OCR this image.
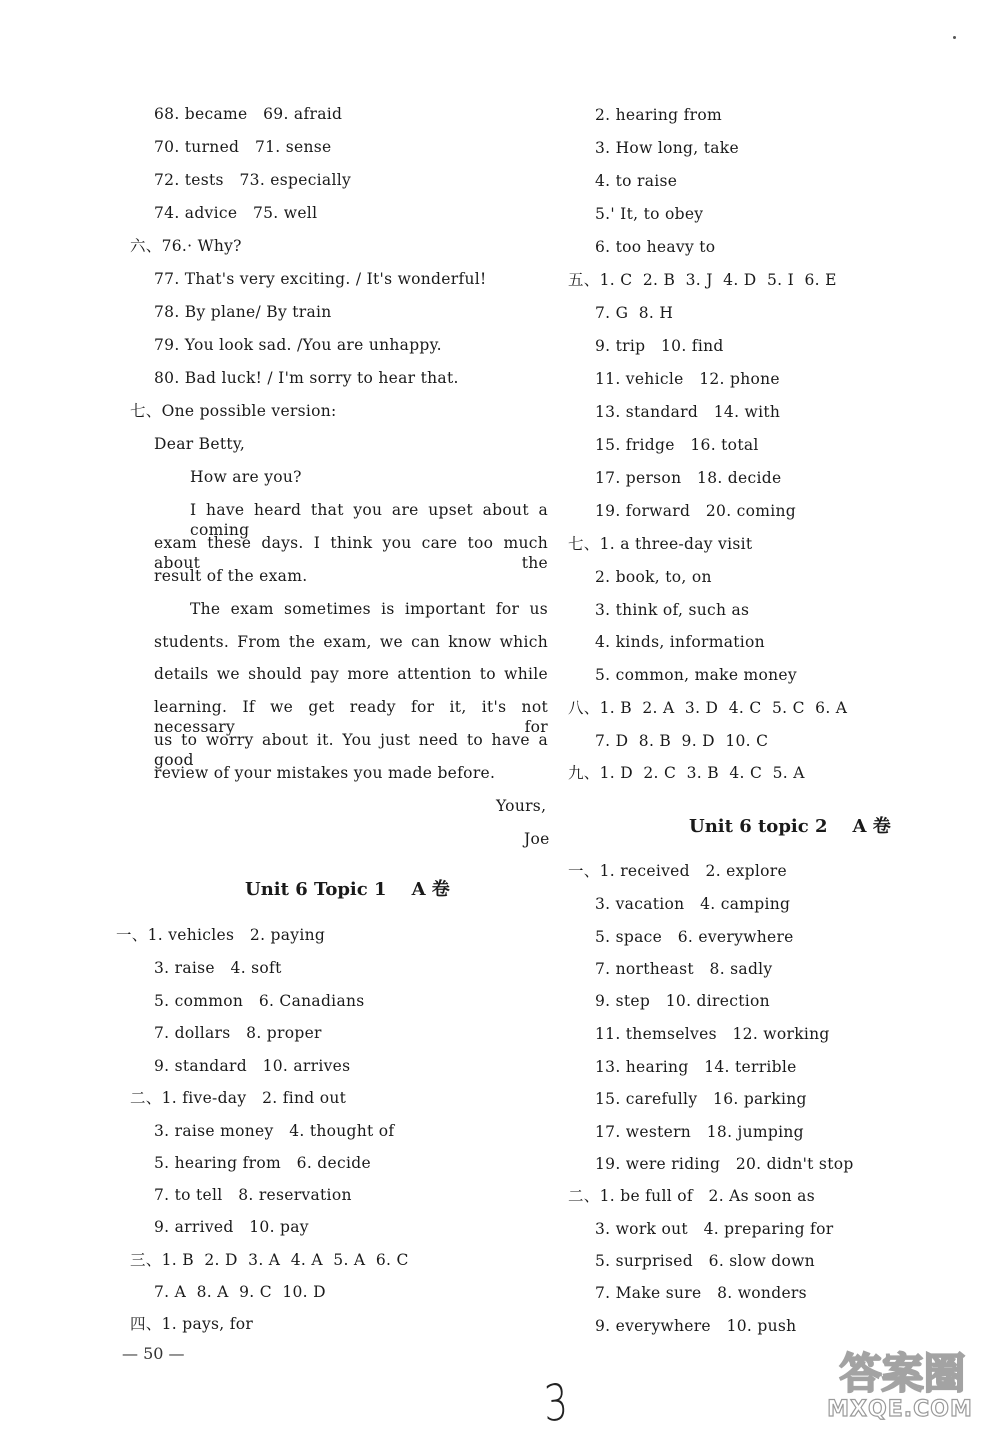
68. became   69. afraid
70. turned   71. sense
72. tests   73. especially
74. advice   75. well
六、76.· Why?
77. That's very exciting. / It's wonderful!
78. By plane/ By train
79. You look sad. /You are unhappy.
80. Bad luck! / I'm sorry to hear that.
七、One possible version:
Dear Betty,
How are you?
I have heard that you are upset about a coming
exam these days. I think you care too much about the
result of the exam.
The exam sometimes is important for us
students. From the exam, we can know which
details we should pay more attention to while
learning. If we get ready for it, it's not necessary for
us to worry about it. You just need to have a good
review of your mistakes you made before.
Yours,
Joe
Unit 6 Topic 1    A 卷
一、1. vehicles   2. paying
3. raise   4. soft
5. common   6. Canadians
7. dollars   8. proper
9. standard   10. arrives
二、1. five-day   2. find out
3. raise money   4. thought of
5. hearing from   6. decide
7. to tell   8. reservation
9. arrived   10. pay
三、1. B  2. D  3. A  4. A  5. A  6. C
7. A  8. A  9. C  10. D
四、1. pays, for
2. hearing from
3. How long, take
4. to raise
5.' It, to obey
6. too heavy to
五、1. C  2. B  3. J  4. D  5. I  6. E
7. G  8. H
9. trip   10. find
11. vehicle   12. phone
13. standard   14. with
15. fridge   16. total
17. person   18. decide
19. forward   20. coming
七、1. a three-day visit
2. book, to, on
3. think of, such as
4. kinds, information
5. common, make money
八、1. B  2. A  3. D  4. C  5. C  6. A
7. D  8. B  9. D  10. C
九、1. D  2. C  3. B  4. C  5. A
Unit 6 topic 2    A 卷
一、1. received   2. explore
3. vacation   4. camping
5. space   6. everywhere
7. northeast   8. sadly
9. step   10. direction
11. themselves   12. working
13. hearing   14. terrible
15. carefully   16. parking
17. western   18. jumping
19. were riding   20. didn't stop
二、1. be full of   2. As soon as
3. work out   4. preparing for
5. surprised   6. slow down
7. Make sure   8. wonders
9. everywhere   10. push
— 50 —
3	答案圈
MXQE.COM
